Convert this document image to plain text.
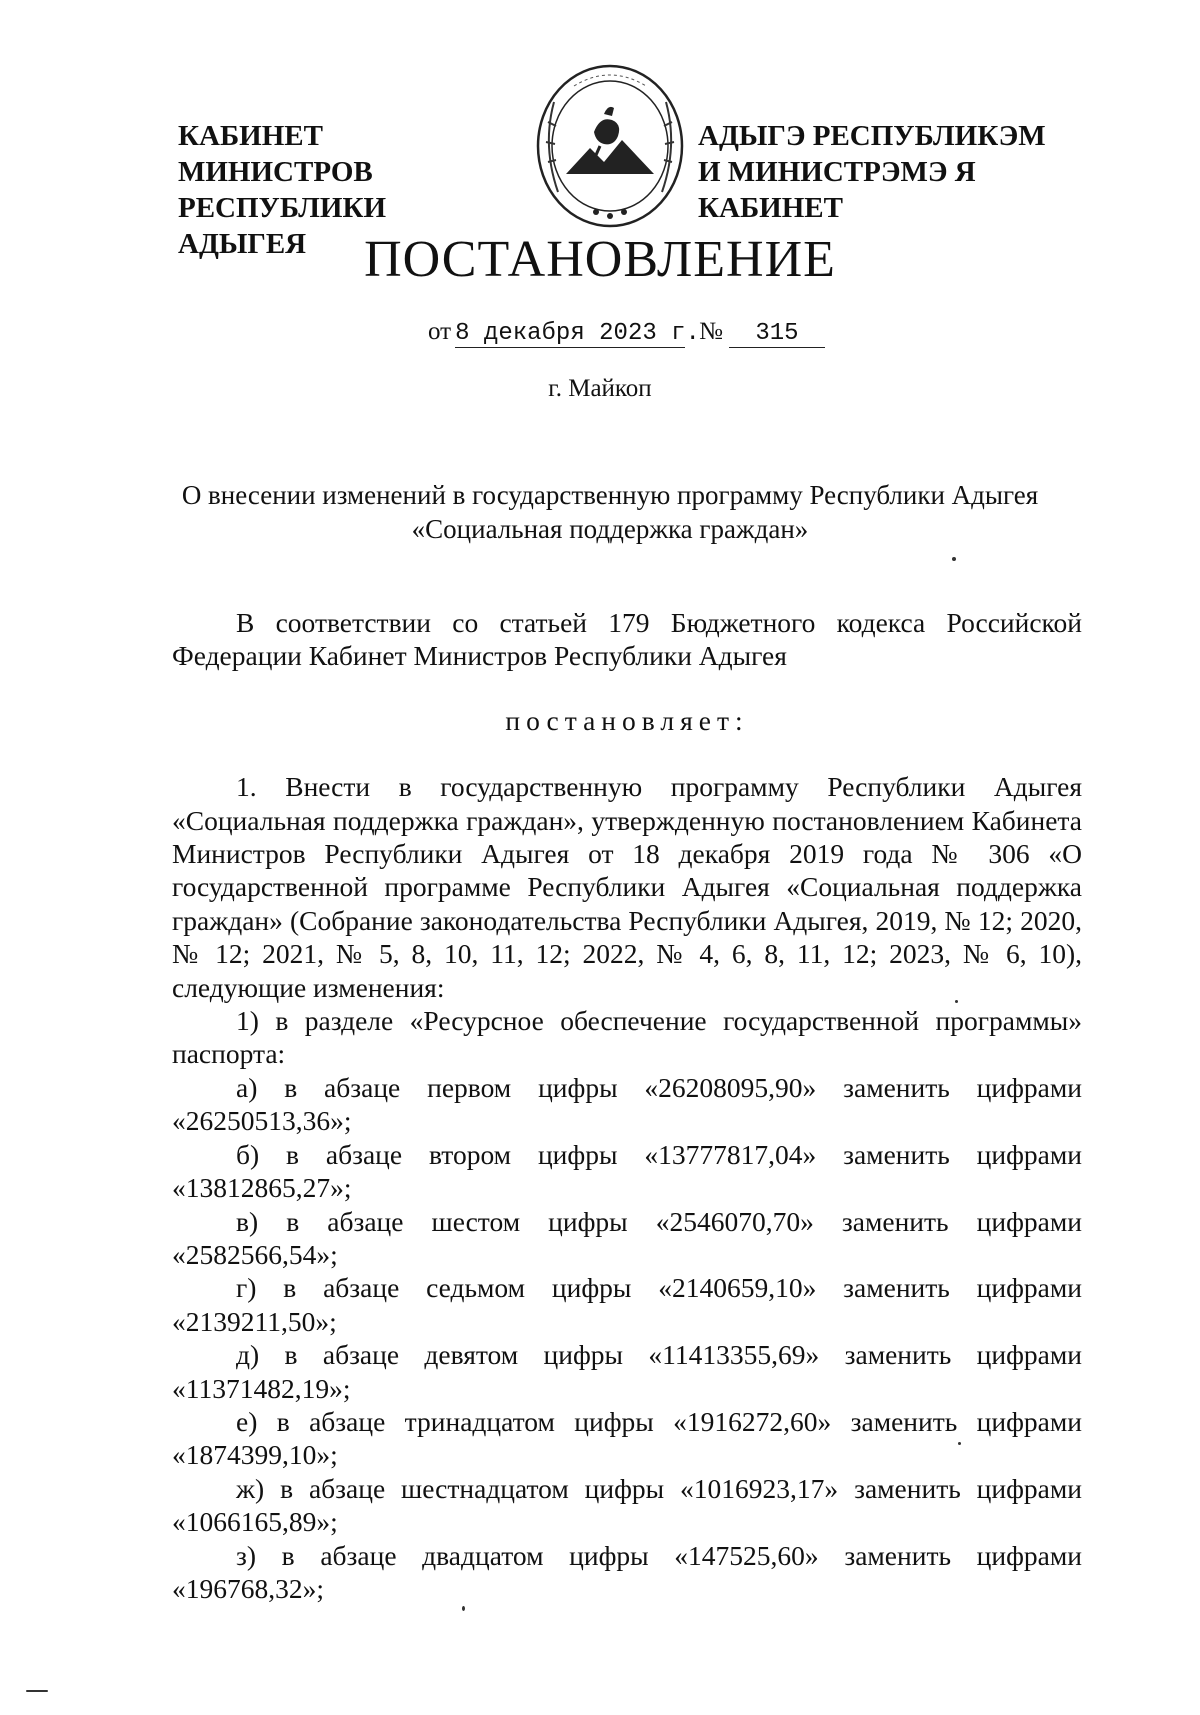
КАБИНЕТ МИНИСТРОВ
РЕСПУБЛИКИ АДЫГЕЯ
АДЫГЭ РЕСПУБЛИКЭМ
И МИНИСТРЭМЭ Я КАБИНЕТ
ПОСТАНОВЛЕНИЕ
от 8 декабря 2023 г.№ 315
г. Майкоп
О внесении изменений в государственную программу Республики Адыгея
«Социальная поддержка граждан»

В соответствии со статьей 179 Бюджетного кодекса Российской Федерации Кабинет Министров Республики Адыгея

постановляет:

1. Внести в государственную программу Республики Адыгея «Социальная поддержка граждан», утвержденную постановлением Кабинета Министров Республики Адыгея от 18 декабря 2019 года № 306 «О государственной программе Республики Адыгея «Социальная поддержка граждан» (Собрание законодательства Республики Адыгея, 2019, № 12; 2020, № 12; 2021, № 5, 8, 10, 11, 12; 2022, № 4, 6, 8, 11, 12; 2023, № 6, 10), следующие изменения:

1) в разделе «Ресурсное обеспечение государственной программы» паспорта:

а) в абзаце первом цифры «26208095,90» заменить цифрами «26250513,36»;

б) в абзаце втором цифры «13777817,04» заменить цифрами «13812865,27»;

в) в абзаце шестом цифры «2546070,70» заменить цифрами «2582566,54»;

г) в абзаце седьмом цифры «2140659,10» заменить цифрами «2139211,50»;

д) в абзаце девятом цифры «11413355,69» заменить цифрами «11371482,19»;

е) в абзаце тринадцатом цифры «1916272,60» заменить цифрами «1874399,10»;

ж) в абзаце шестнадцатом цифры «1016923,17» заменить цифрами «1066165,89»;

з) в абзаце двадцатом цифры «147525,60» заменить цифрами «196768,32»;
